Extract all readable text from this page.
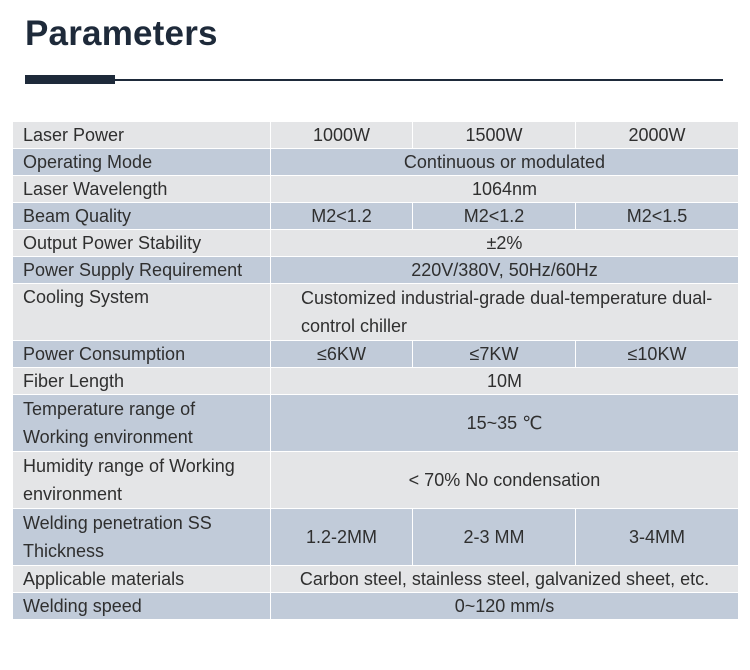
Parameters
Laser Power	1000W	1500W	2000W
Operating Mode	Continuous or modulated		
Laser Wavelength	1064nm		
Beam Quality	M2<1.2	M2<1.2	M2<1.5
Output Power Stability	±2%		
Power Supply Requirement	220V/380V, 50Hz/60Hz		
Cooling System	Customized industrial-grade dual-temperature dual-control chiller		
Power Consumption	≤6KW	≤7KW	≤10KW
Fiber Length	10M		
Temperature range of Working environment	15~35 ℃		
Humidity range of Working environment	< 70% No condensation		
Welding penetration SS Thickness	1.2-2MM	2-3 MM	3-4MM
Applicable materials	Carbon steel, stainless steel, galvanized sheet, etc.		
Welding speed	0~120 mm/s		
